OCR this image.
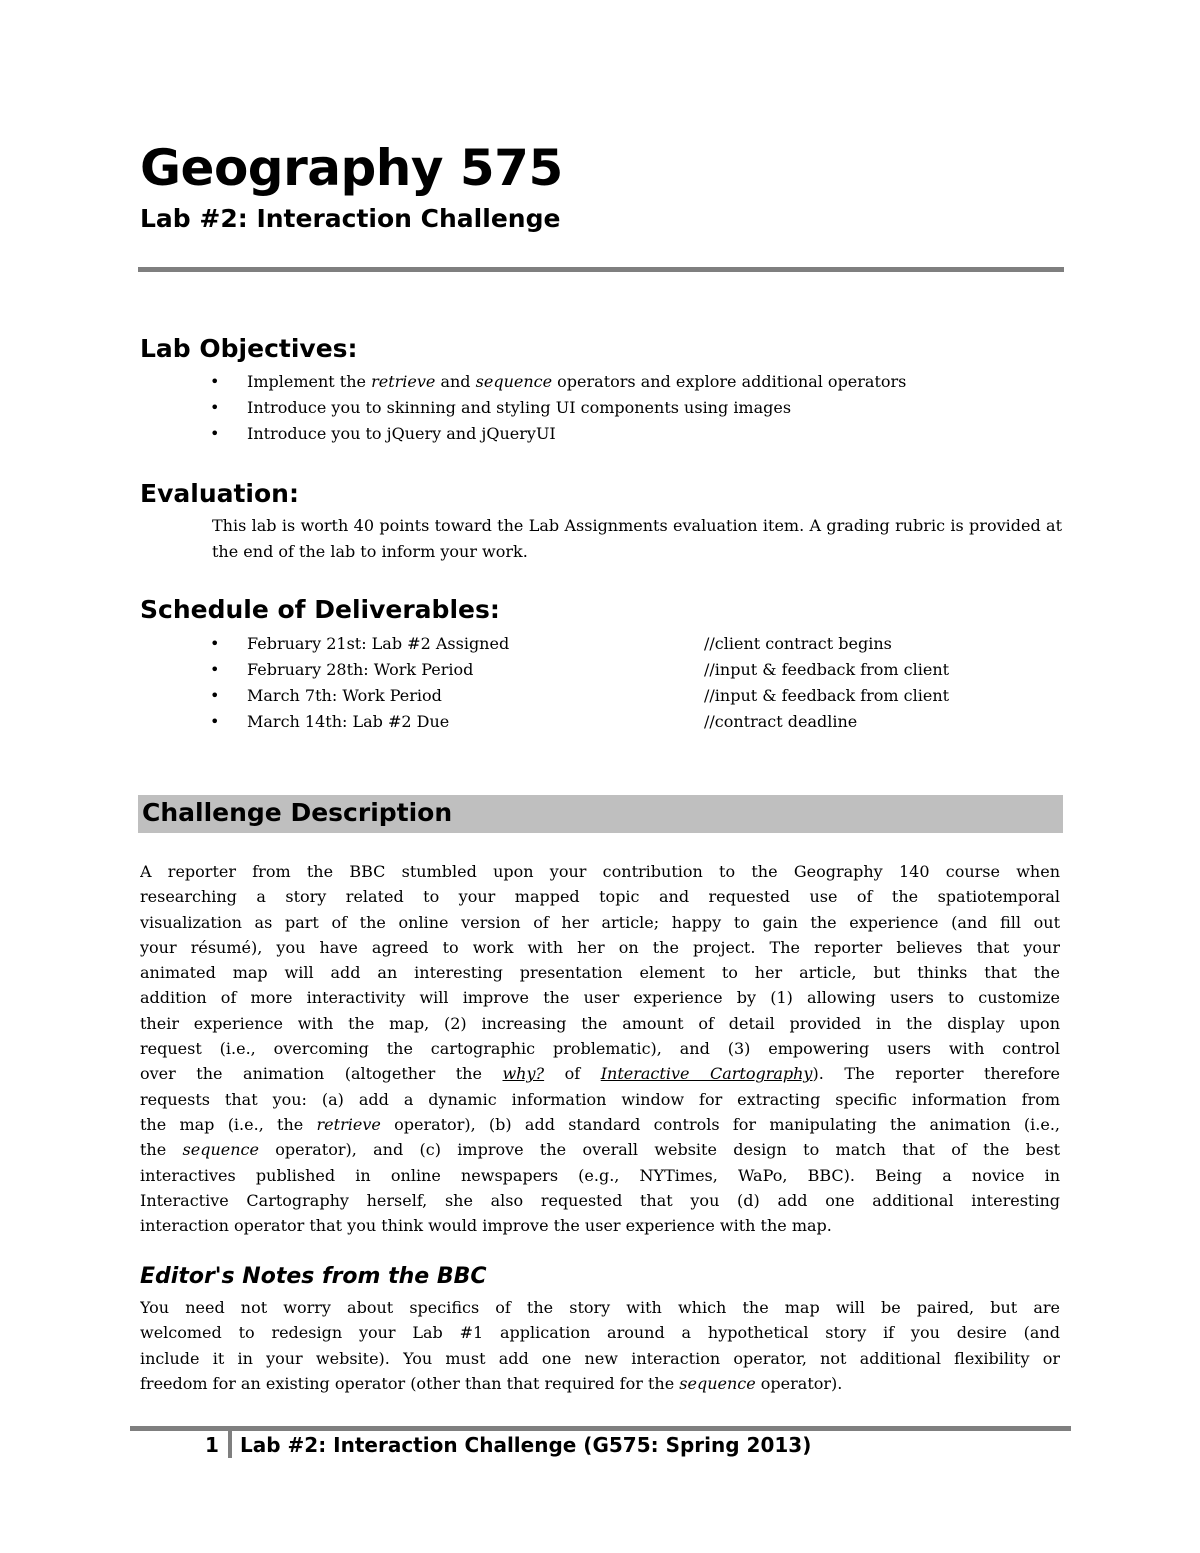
Geography 575
Lab #2: Interaction Challenge
Lab Objectives:
• Implement the retrieve and sequence operators and explore additional operators
• Introduce you to skinning and styling UI components using images
• Introduce you to jQuery and jQueryUI
Evaluation:
This lab is worth 40 points toward the Lab Assignments evaluation item. A grading rubric is provided at the end of the lab to inform your work.
Schedule of Deliverables:
• February 21st: Lab #2 Assigned	//client contract begins
• February 28th: Work Period	//input & feedback from client
• March 7th: Work Period	//input & feedback from client
• March 14th: Lab #2 Due	//contract deadline
Challenge Description
A reporter from the BBC stumbled upon your contribution to the Geography 140 course when
researching a story related to your mapped topic and requested use of the spatiotemporal
visualization as part of the online version of her article; happy to gain the experience (and fill out
your résumé), you have agreed to work with her on the project. The reporter believes that your
animated map will add an interesting presentation element to her article, but thinks that the
addition of more interactivity will improve the user experience by (1) allowing users to customize
their experience with the map, (2) increasing the amount of detail provided in the display upon
request (i.e., overcoming the cartographic problematic), and (3) empowering users with control
over the animation (altogether the why? of Interactive Cartography). The reporter therefore
requests that you: (a) add a dynamic information window for extracting specific information from
the map (i.e., the retrieve operator), (b) add standard controls for manipulating the animation (i.e.,
the sequence operator), and (c) improve the overall website design to match that of the best
interactives published in online newspapers (e.g., NYTimes, WaPo, BBC). Being a novice in
Interactive Cartography herself, she also requested that you (d) add one additional interesting
interaction operator that you think would improve the user experience with the map.
Editor's Notes from the BBC
You need not worry about specifics of the story with which the map will be paired, but are
welcomed to redesign your Lab #1 application around a hypothetical story if you desire (and
include it in your website). You must add one new interaction operator, not additional flexibility or
freedom for an existing operator (other than that required for the sequence operator).
1 Lab #2: Interaction Challenge (G575: Spring 2013)
